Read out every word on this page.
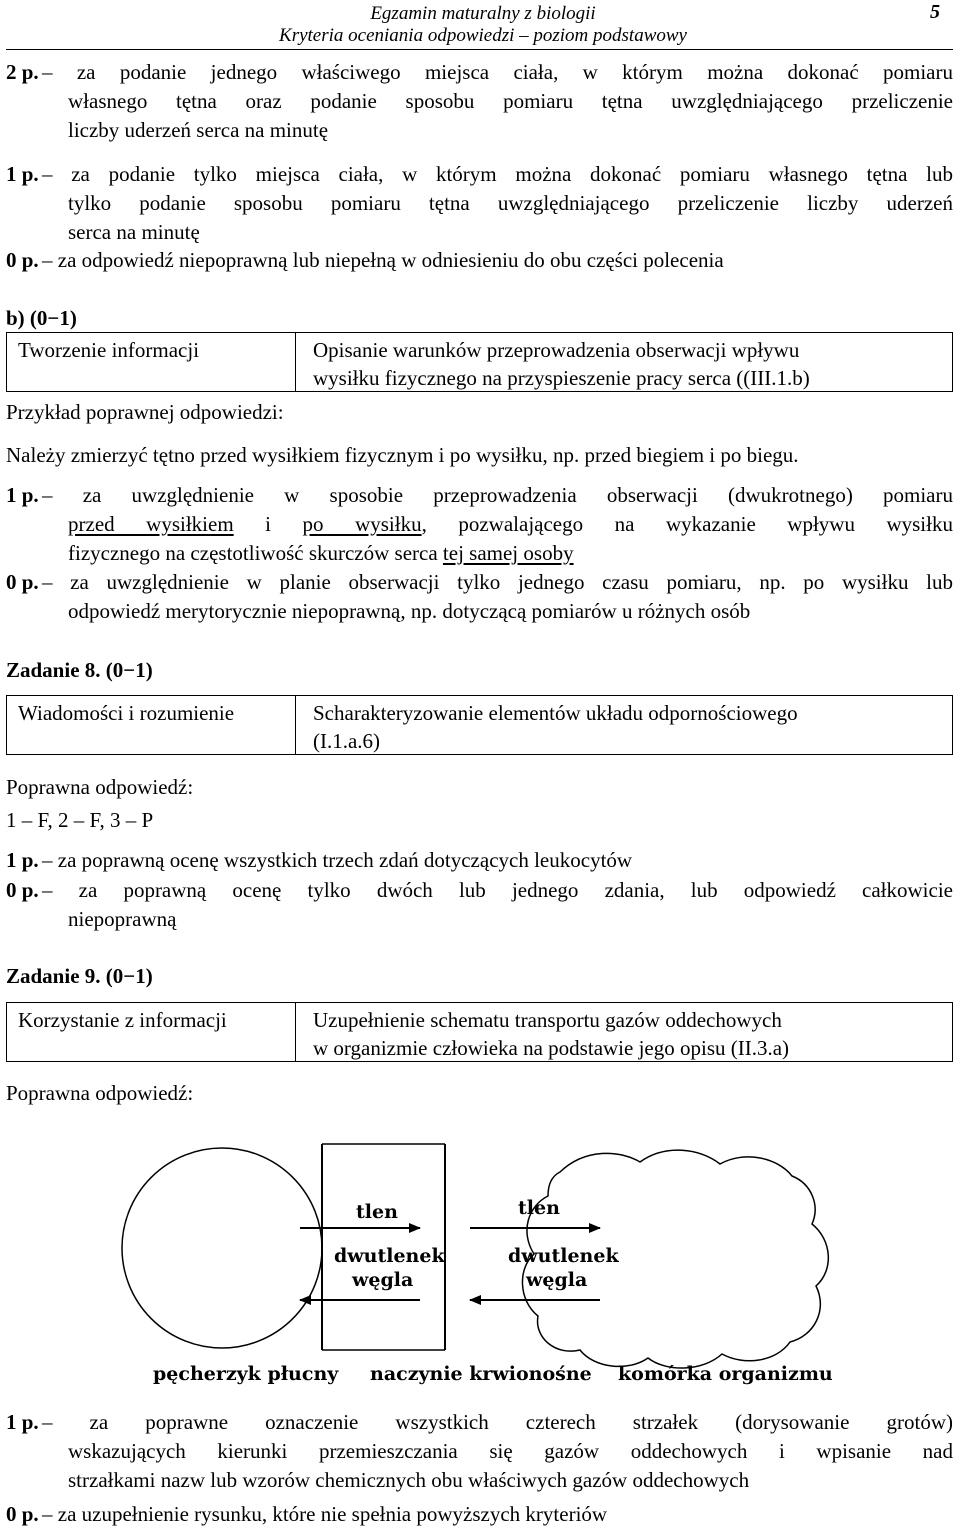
Egzamin maturalny z biologii
Kryteria oceniania odpowiedzi – poziom podstawowy
5
2 p. – za podanie jednego właściwego miejsca ciała, w którym można dokonać pomiaru
własnego tętna oraz podanie sposobu pomiaru tętna uwzględniającego przeliczenie
liczby uderzeń serca na minutę
1 p. – za podanie tylko miejsca ciała, w którym można dokonać pomiaru własnego tętna lub
tylko podanie sposobu pomiaru tętna uwzględniającego przeliczenie liczby uderzeń
serca na minutę
0 p. – za odpowiedź niepoprawną lub niepełną w odniesieniu do obu części polecenia
b) (0−1)
Tworzenie informacji	Opisanie warunków przeprowadzenia obserwacji wpływu
wysiłku fizycznego na przyspieszenie pracy serca ((III.1.b)
Przykład poprawnej odpowiedzi:
Należy zmierzyć tętno przed wysiłkiem fizycznym i po wysiłku, np. przed biegiem i po biegu.
1 p. – za uwzględnienie w sposobie przeprowadzenia obserwacji (dwukrotnego) pomiaru
przed wysiłkiem i po wysiłku, pozwalającego na wykazanie wpływu wysiłku
fizycznego na częstotliwość skurczów serca tej samej osoby
0 p. – za uwzględnienie w planie obserwacji tylko jednego czasu pomiaru, np. po wysiłku lub
odpowiedź merytorycznie niepoprawną, np. dotyczącą pomiarów u różnych osób
Zadanie 8. (0−1)
Wiadomości i rozumienie	Scharakteryzowanie elementów układu odpornościowego
(I.1.a.6)
Poprawna odpowiedź:
1 – F, 2 – F, 3 – P
1 p. – za poprawną ocenę wszystkich trzech zdań dotyczących leukocytów
0 p. – za poprawną ocenę tylko dwóch lub jednego zdania, lub odpowiedź całkowicie
niepoprawną
Zadanie 9. (0−1)
Korzystanie z informacji	Uzupełnienie schematu transportu gazów oddechowych
w organizmie człowieka na podstawie jego opisu (II.3.a)
Poprawna odpowiedź:
tlen
dwutlenek
węgla
tlen
dwutlenek
węgla
pęcherzyk płucny naczynie krwionośne komórka organizmu
1 p. – za poprawne oznaczenie wszystkich czterech strzałek (dorysowanie grotów)
wskazujących kierunki przemieszczania się gazów oddechowych i wpisanie nad
strzałkami nazw lub wzorów chemicznych obu właściwych gazów oddechowych
0 p. – za uzupełnienie rysunku, które nie spełnia powyższych kryteriów
